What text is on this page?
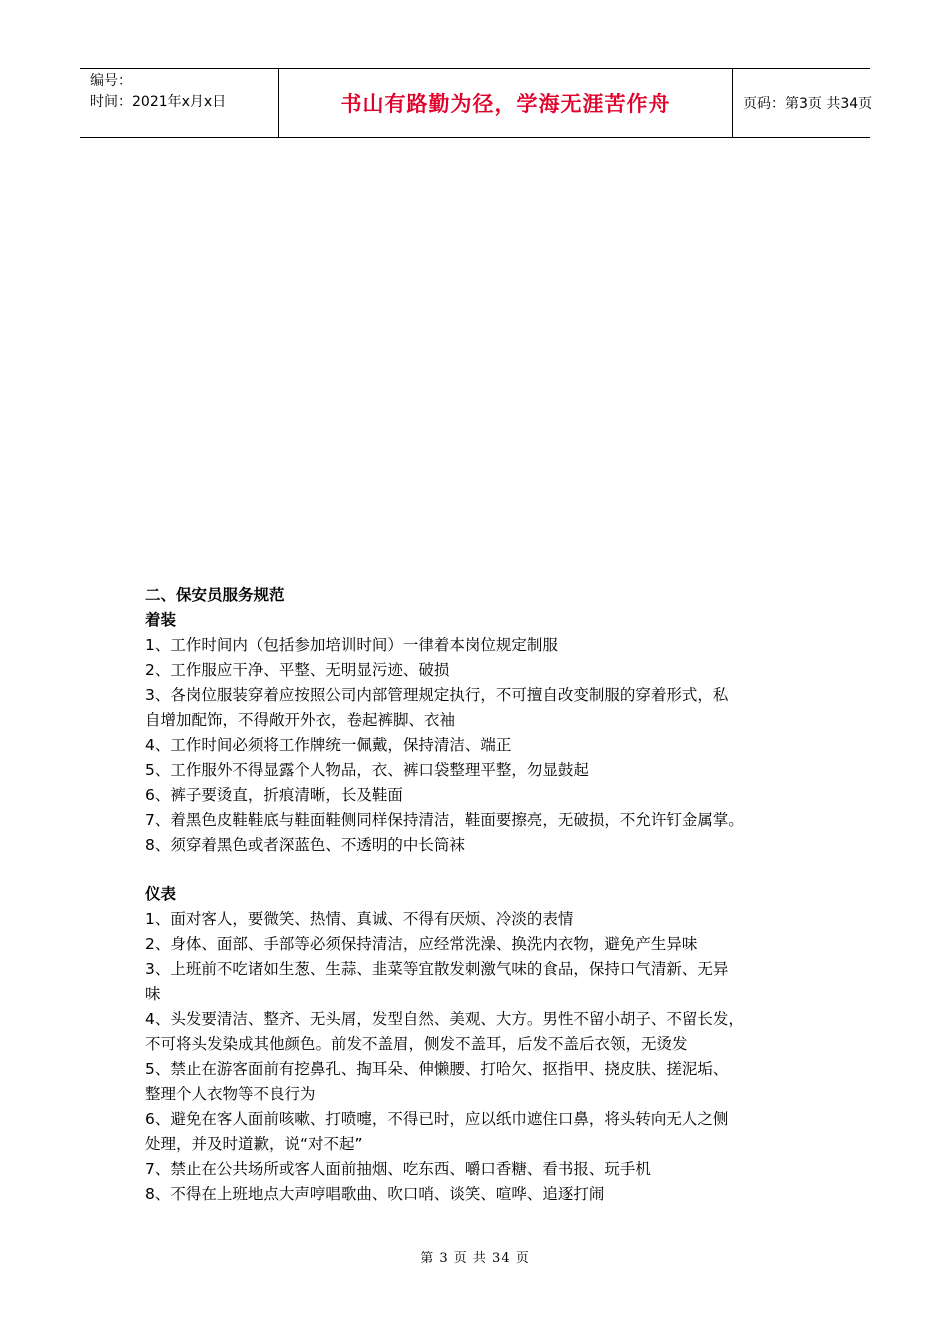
编号：
时间：2021年x月x日	书山有路勤为径，学海无涯苦作舟	页码：第3页 共34页
二、保安员服务规范
着装
1、工作时间内（包括参加培训时间）一律着本岗位规定制服
2、工作服应干净、平整、无明显污迹、破损
3、各岗位服装穿着应按照公司内部管理规定执行，不可擅自改变制服的穿着形式，私
自增加配饰，不得敞开外衣，卷起裤脚、衣袖
4、工作时间必须将工作牌统一佩戴，保持清洁、端正
5、工作服外不得显露个人物品，衣、裤口袋整理平整，勿显鼓起
6、裤子要烫直，折痕清晰，长及鞋面
7、着黑色皮鞋鞋底与鞋面鞋侧同样保持清洁，鞋面要擦亮，无破损，不允许钉金属掌。
8、须穿着黑色或者深蓝色、不透明的中长筒袜
仪表
1、面对客人，要微笑、热情、真诚、不得有厌烦、冷淡的表情
2、身体、面部、手部等必须保持清洁，应经常洗澡、换洗内衣物，避免产生异味
3、上班前不吃诸如生葱、生蒜、韭菜等宜散发刺激气味的食品，保持口气清新、无异
味
4、头发要清洁、整齐、无头屑，发型自然、美观、大方。男性不留小胡子、不留长发，
不可将头发染成其他颜色。前发不盖眉，侧发不盖耳，后发不盖后衣领，无烫发
5、禁止在游客面前有挖鼻孔、掏耳朵、伸懒腰、打哈欠、抠指甲、挠皮肤、搓泥垢、
整理个人衣物等不良行为
6、避免在客人面前咳嗽、打喷嚏，不得已时，应以纸巾遮住口鼻，将头转向无人之侧
处理，并及时道歉，说“对不起”
7、禁止在公共场所或客人面前抽烟、吃东西、嚼口香糖、看书报、玩手机
8、不得在上班地点大声哼唱歌曲、吹口哨、谈笑、喧哗、追逐打闹
第 3 页 共 34 页
